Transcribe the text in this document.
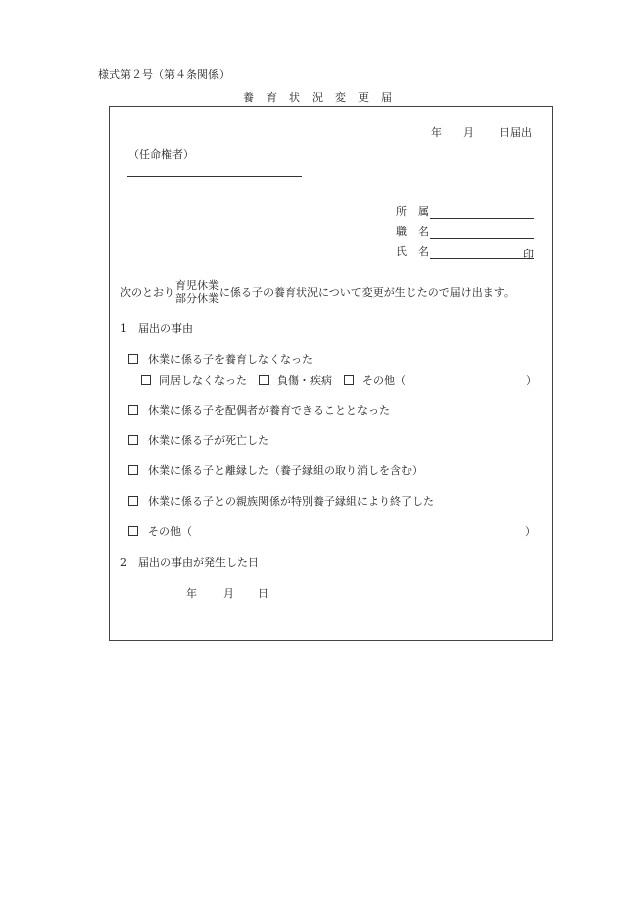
様式第２号（第４条関係）
養 育 状 況 変 更 届
年 月 日届出
（任命権者）
所　属
職　名
氏　名	印
次のとおり
育児休業
部分休業 に係る子の養育状況について変更が生じたので届け出ます。
1　届出の事由
休業に係る子を養育しなくなった
同居しなくなった	負傷・疾病	その他（	）
休業に係る子を配偶者が養育できることとなった
休業に係る子が死亡した
休業に係る子と離縁した（養子縁組の取り消しを含む）
休業に係る子との親族関係が特別養子縁組により終了した
その他（	）
2　届出の事由が発生した日
年 月 日
